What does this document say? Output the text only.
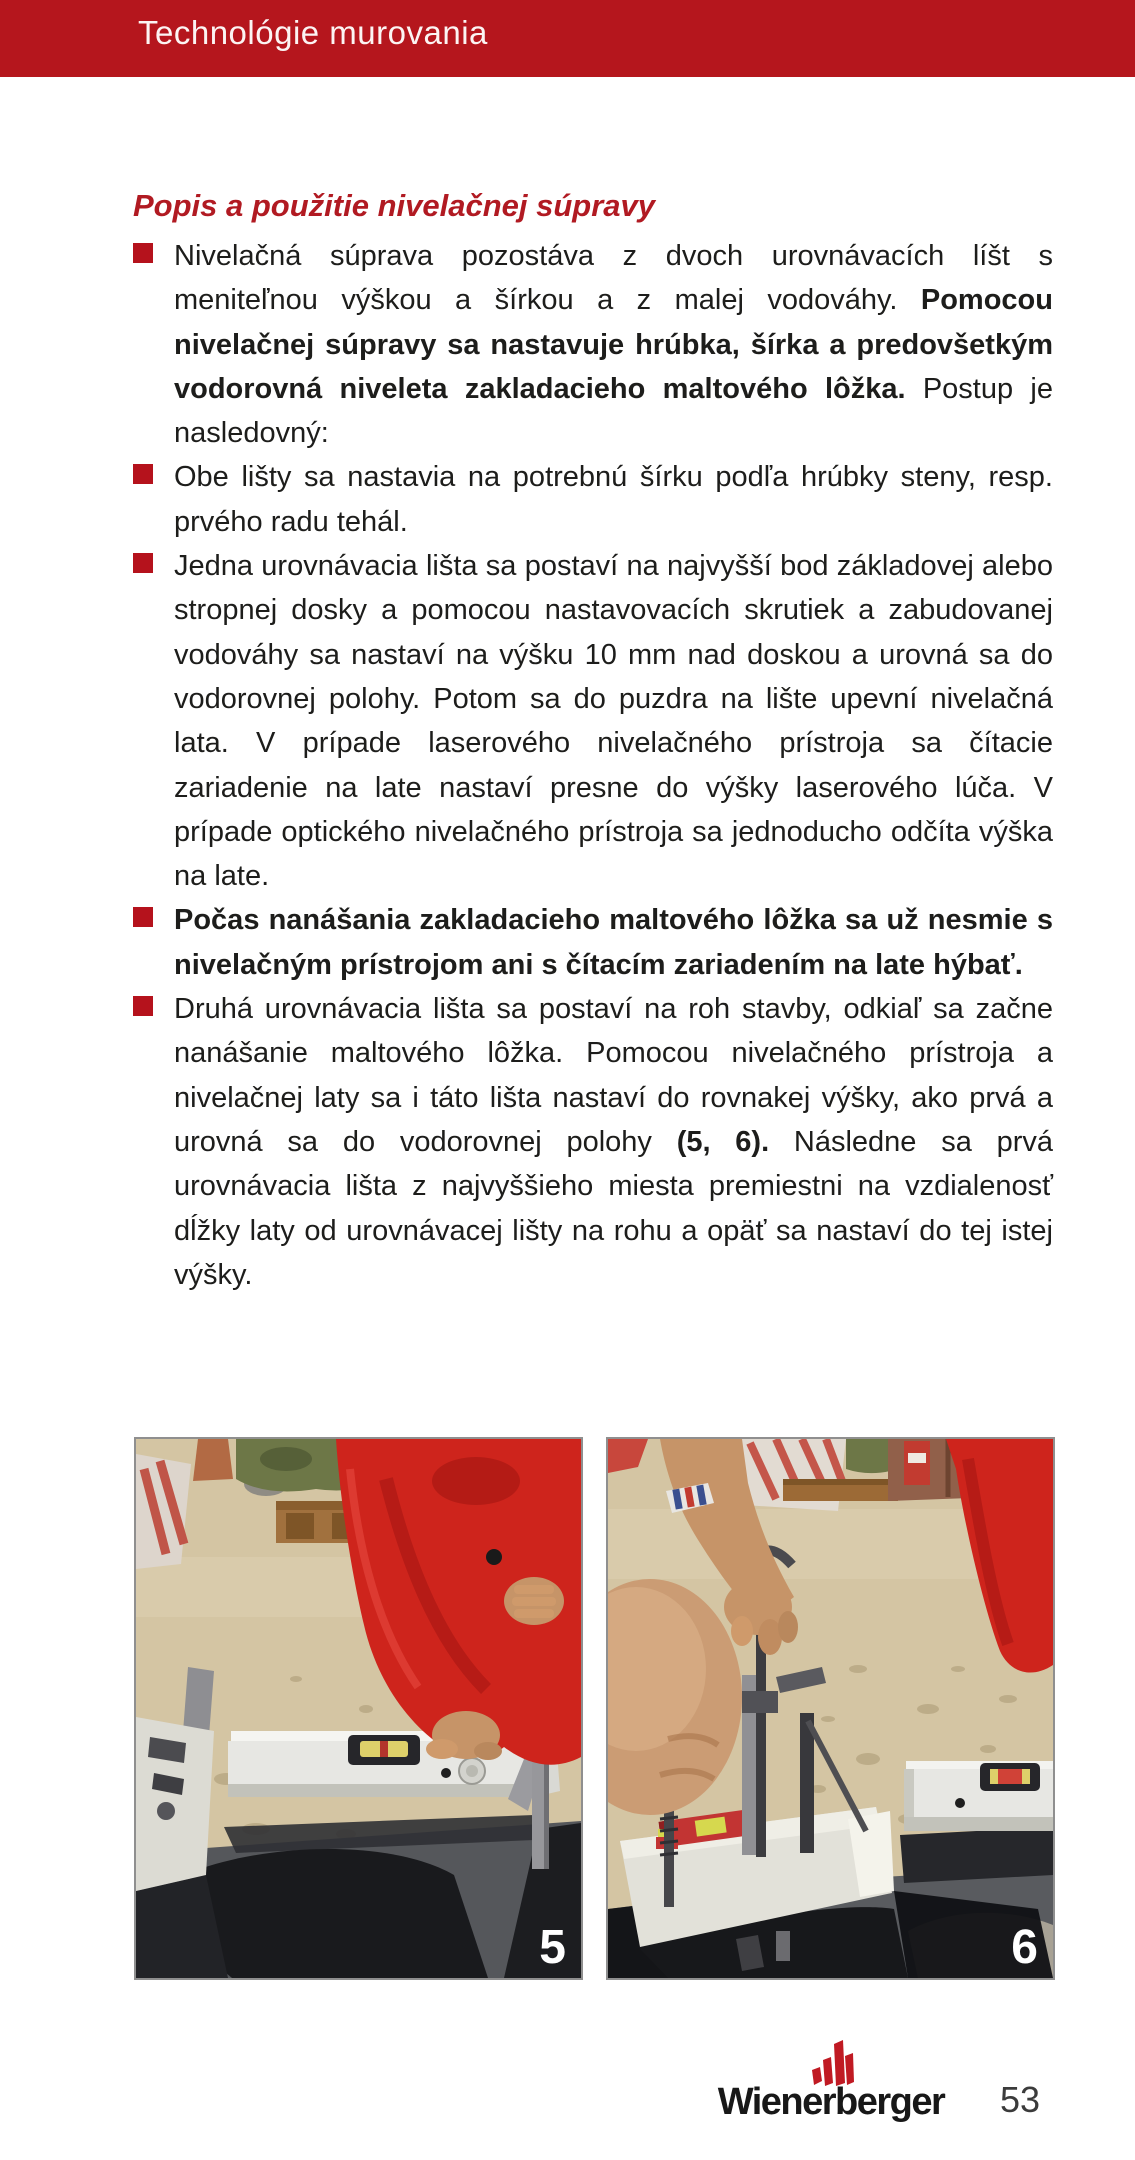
Technológie murovania
Popis a použitie nivelačnej súpravy
Nivelačná súprava pozostáva z dvoch urovnávacích líšt s meniteľnou výškou a šírkou a z malej vodováhy. Pomocou nivelačnej súpravy sa nastavuje hrúbka, šírka a predovšetkým vodorovná niveleta zakladacieho maltového lôžka. Postup je nasledovný:
Obe lišty sa nastavia na potrebnú šírku podľa hrúbky steny, resp. prvého radu tehál.
Jedna urovnávacia lišta sa postaví na najvyšší bod základovej alebo stropnej dosky a pomocou nastavovacích skrutiek a zabudovanej vodováhy sa nastaví na výšku 10 mm nad doskou a urovná sa do vodorovnej polohy. Potom sa do puzdra na lište upevní nivelačná lata. V prípade laserového nivelačného prístroja sa čítacie zariadenie na late nastaví presne do výšky laserového lúča. V prípade optického nivelačného prístroja sa jednoducho odčíta výška na late.
Počas nanášania zakladacieho maltového lôžka sa už nesmie s nivelačným prístrojom ani s čítacím zariadením na late hýbať.
Druhá urovnávacia lišta sa postaví na roh stavby, odkiaľ sa začne nanášanie maltového lôžka. Pomocou nivelačného prístroja a nivelačnej laty sa i táto lišta nastaví do rovnakej výšky, ako prvá a urovná sa do vodorovnej polohy (5, 6). Následne sa prvá urovnávacia lišta z najvyššieho miesta premiestni na vzdialenosť dĺžky laty od urovnávacej lišty na rohu a opäť sa nastaví do tej istej výšky.
5	6
Wienerberger 53
